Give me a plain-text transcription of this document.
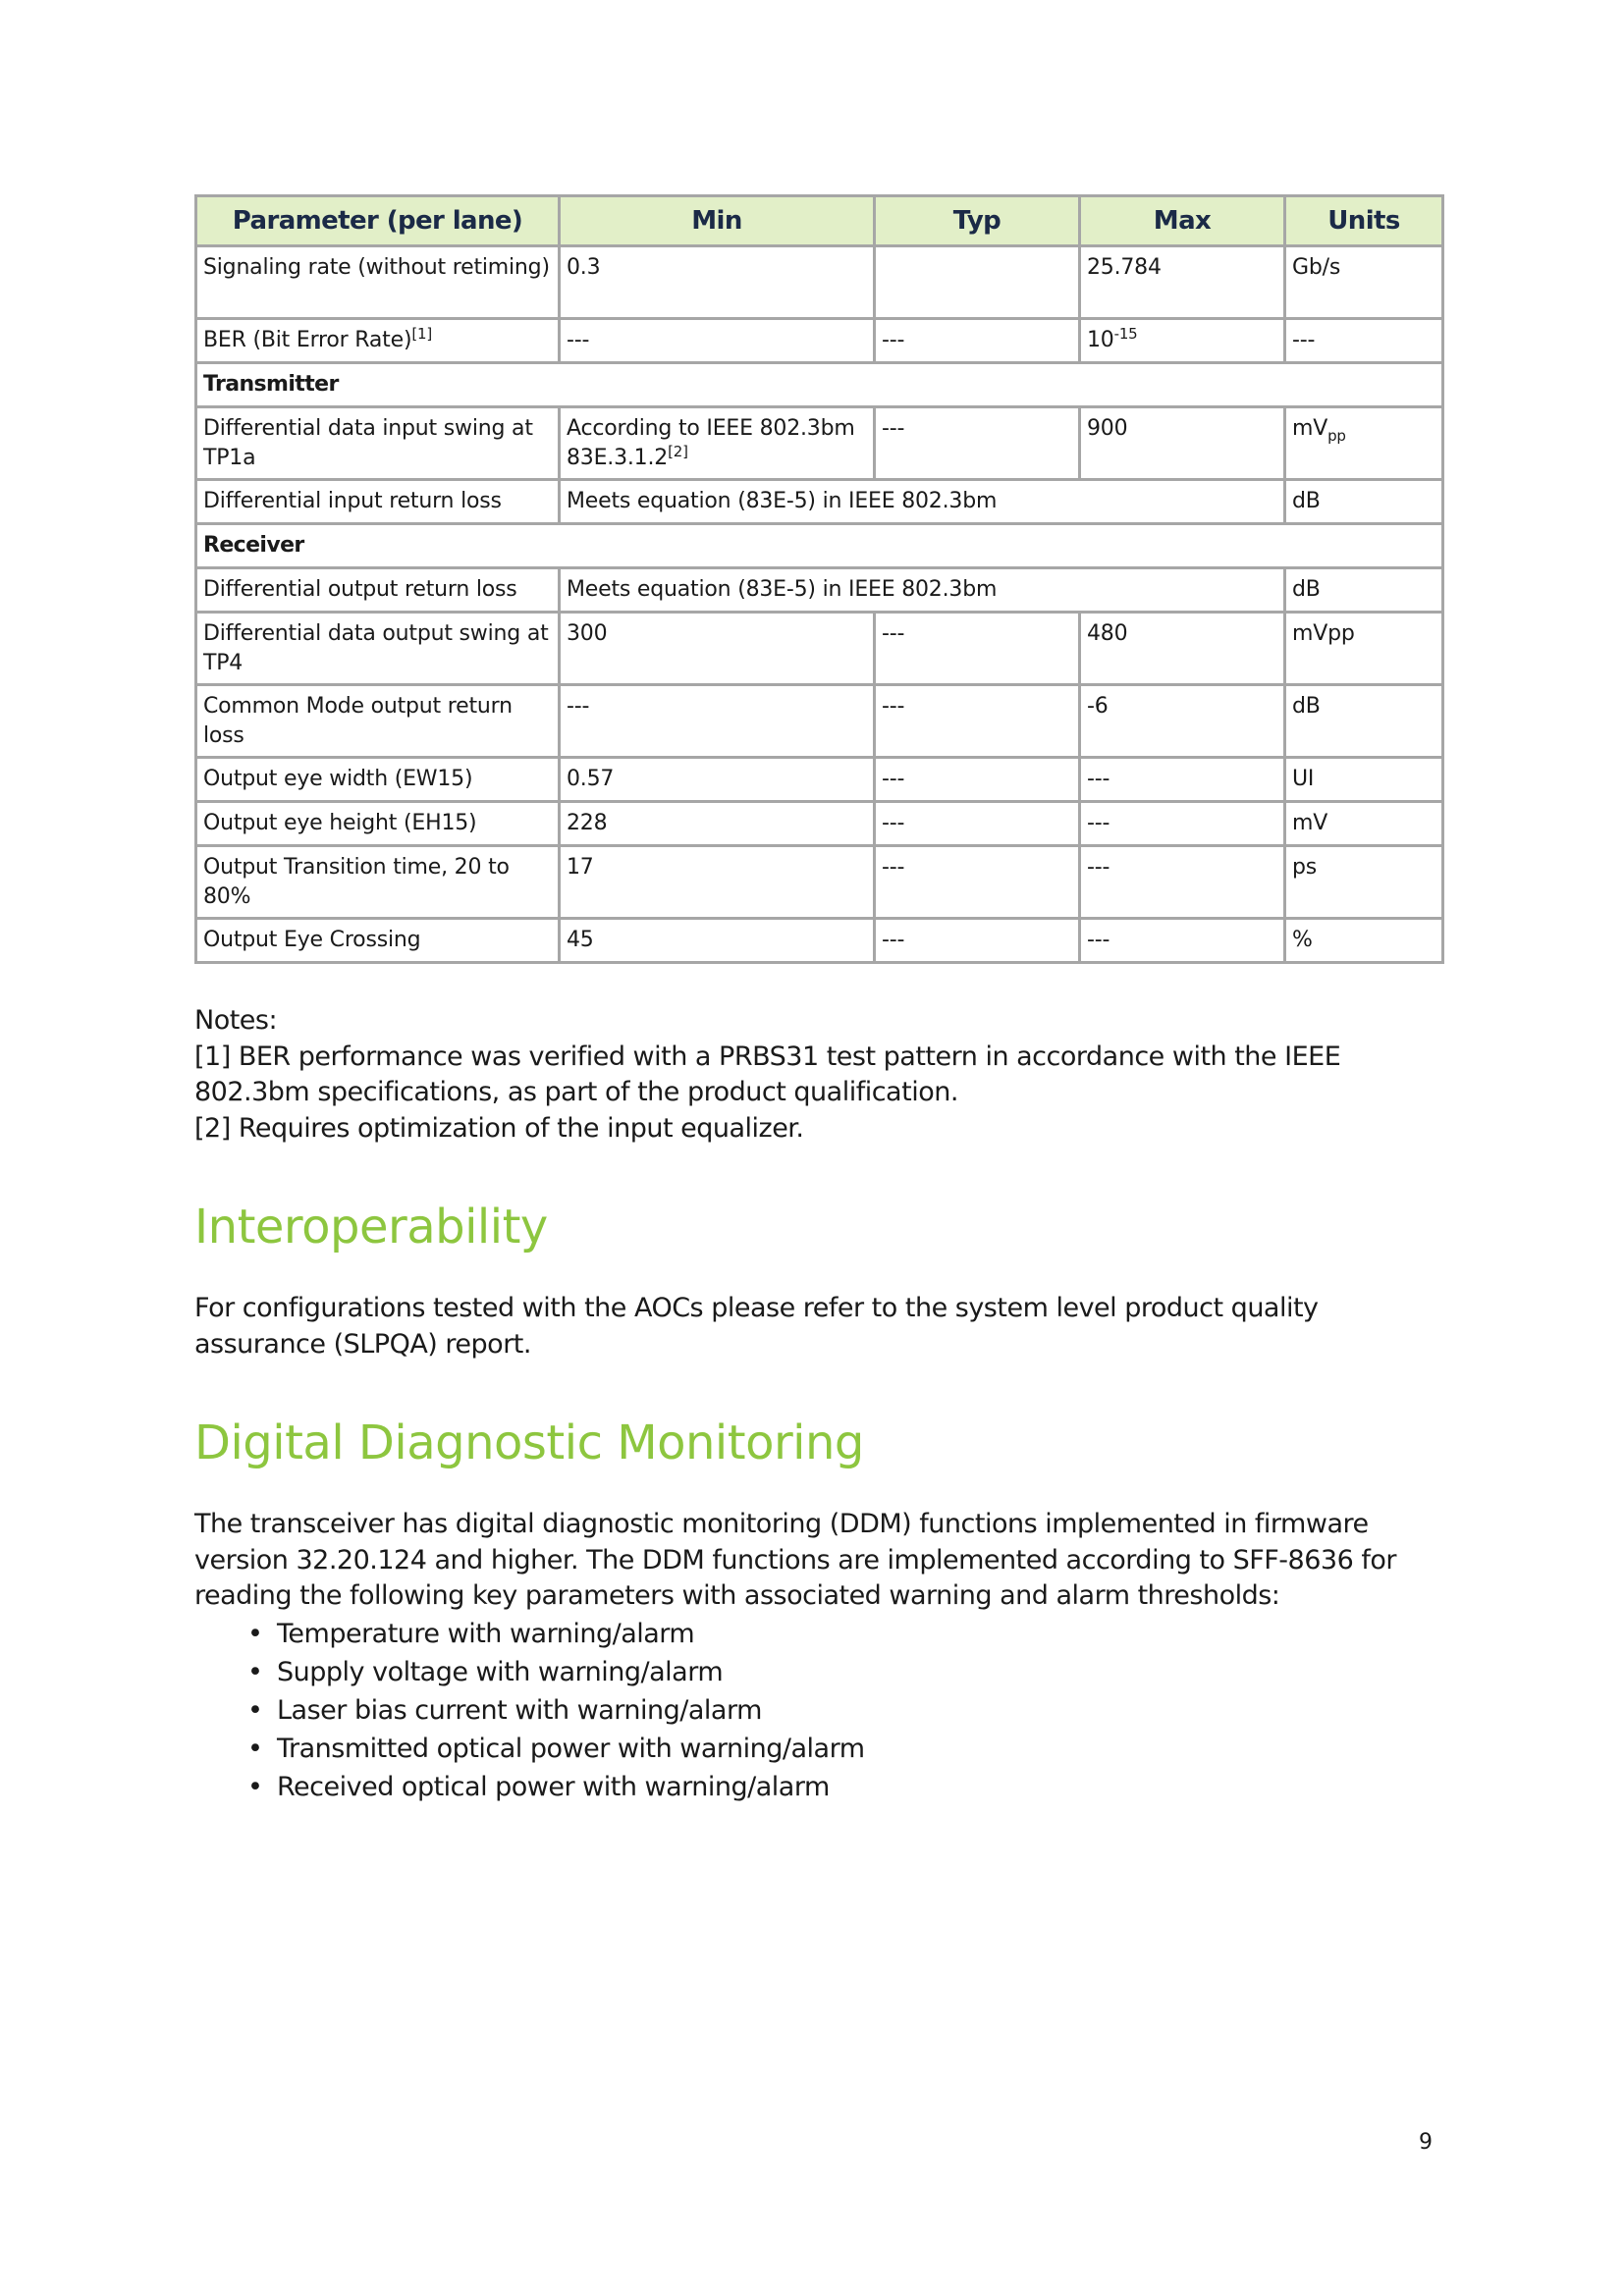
Parameter (per lane)	Min	Typ	Max	Units
Signaling rate (without retiming)	0.3		25.784	Gb/s
BER (Bit Error Rate)[1]	---	---	$10^{-15}$	---
Transmitter				
Differential data input swing at TP1a	According to IEEE 802.3bm 83E.3.1.2[2]	---	900	$mV_{pp}$
Differential input return loss	Meets equation (83E-5) in IEEE 802.3bm			dB
Receiver				
Differential output return loss	Meets equation (83E-5) in IEEE 802.3bm			dB
Differential data output swing at TP4	300	---	480	mVpp
Common Mode output return loss	---	---	-6	dB
Output eye width (EW15)	0.57	---	---	UI
Output eye height (EH15)	228	---	---	mV
Output Transition time, 20 to 80%	17	---	---	ps
Output Eye Crossing	45	---	---	%

Notes:

[1] BER performance was verified with a PRBS31 test pattern in accordance with the IEEE 802.3bm specifications, as part of the product qualification.

[2] Requires optimization of the input equalizer.

Interoperability

For configurations tested with the AOCs please refer to the system level product quality assurance (SLPQA) report.

Digital Diagnostic Monitoring

The transceiver has digital diagnostic monitoring (DDM) functions implemented in firmware version 32.20.124 and higher. The DDM functions are implemented according to SFF-8636 for reading the following key parameters with associated warning and alarm thresholds:

• Temperature with warning/alarm
• Supply voltage with warning/alarm
• Laser bias current with warning/alarm
• Transmitted optical power with warning/alarm
• Received optical power with warning/alarm
9
